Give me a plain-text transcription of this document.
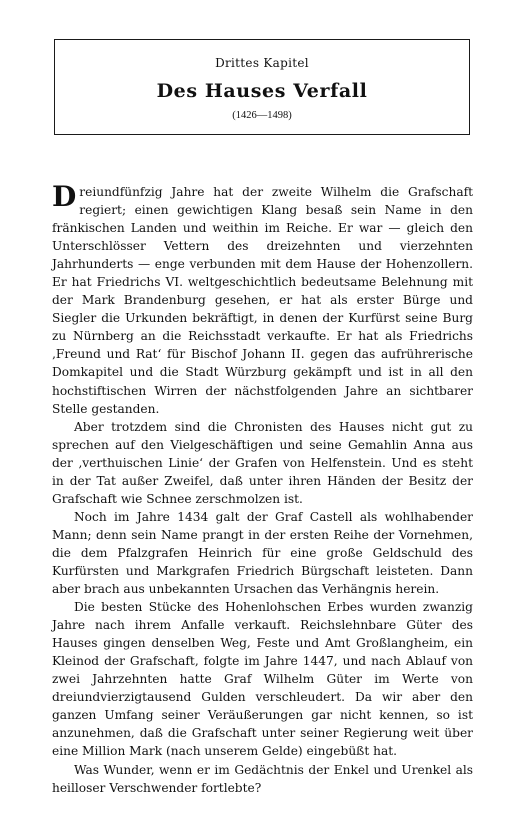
Drittes Kapitel
Des Hauses Verfall
(1426—1498)

Dreiundfünfzig Jahre hat der zweite Wilhelm die Grafschaft regiert; einen gewichtigen Klang besaß sein Name in den fränkischen Landen und weithin im Reiche. Er war — gleich den Unterschlösser Vettern des dreizehnten und vierzehnten Jahrhunderts — enge verbunden mit dem Hause der Hohenzollern. Er hat Friedrichs VI. weltgeschichtlich bedeutsame Belehnung mit der Mark Brandenburg gesehen, er hat als erster Bürge und Siegler die Urkunden bekräftigt, in denen der Kurfürst seine Burg zu Nürnberg an die Reichsstadt verkaufte. Er hat als Friedrichs ‚Freund und Rat‘ für Bischof Johann II. gegen das aufrührerische Domkapitel und die Stadt Würzburg gekämpft und ist in all den hochstiftischen Wirren der nächstfolgenden Jahre an sichtbarer Stelle gestanden.

Aber trotzdem sind die Chronisten des Hauses nicht gut zu sprechen auf den Vielgeschäftigen und seine Gemahlin Anna aus der ‚verthuischen Linie‘ der Grafen von Helfenstein. Und es steht in der Tat außer Zweifel, daß unter ihren Händen der Besitz der Grafschaft wie Schnee zerschmolzen ist.

Noch im Jahre 1434 galt der Graf Castell als wohlhabender Mann; denn sein Name prangt in der ersten Reihe der Vornehmen, die dem Pfalzgrafen Heinrich für eine große Geldschuld des Kurfürsten und Markgrafen Friedrich Bürgschaft leisteten. Dann aber brach aus unbekannten Ursachen das Verhängnis herein.

Die besten Stücke des Hohenlohschen Erbes wurden zwanzig Jahre nach ihrem Anfalle verkauft. Reichslehnbare Güter des Hauses gingen denselben Weg, Feste und Amt Großlangheim, ein Kleinod der Grafschaft, folgte im Jahre 1447, und nach Ablauf von zwei Jahrzehnten hatte Graf Wilhelm Güter im Werte von dreiundvierzigtausend Gulden verschleudert. Da wir aber den ganzen Umfang seiner Veräußerungen gar nicht kennen, so ist anzunehmen, daß die Grafschaft unter seiner Regierung weit über eine Million Mark (nach unserem Gelde) eingebüßt hat.

Was Wunder, wenn er im Gedächtnis der Enkel und Urenkel als heilloser Verschwender fortlebte?
